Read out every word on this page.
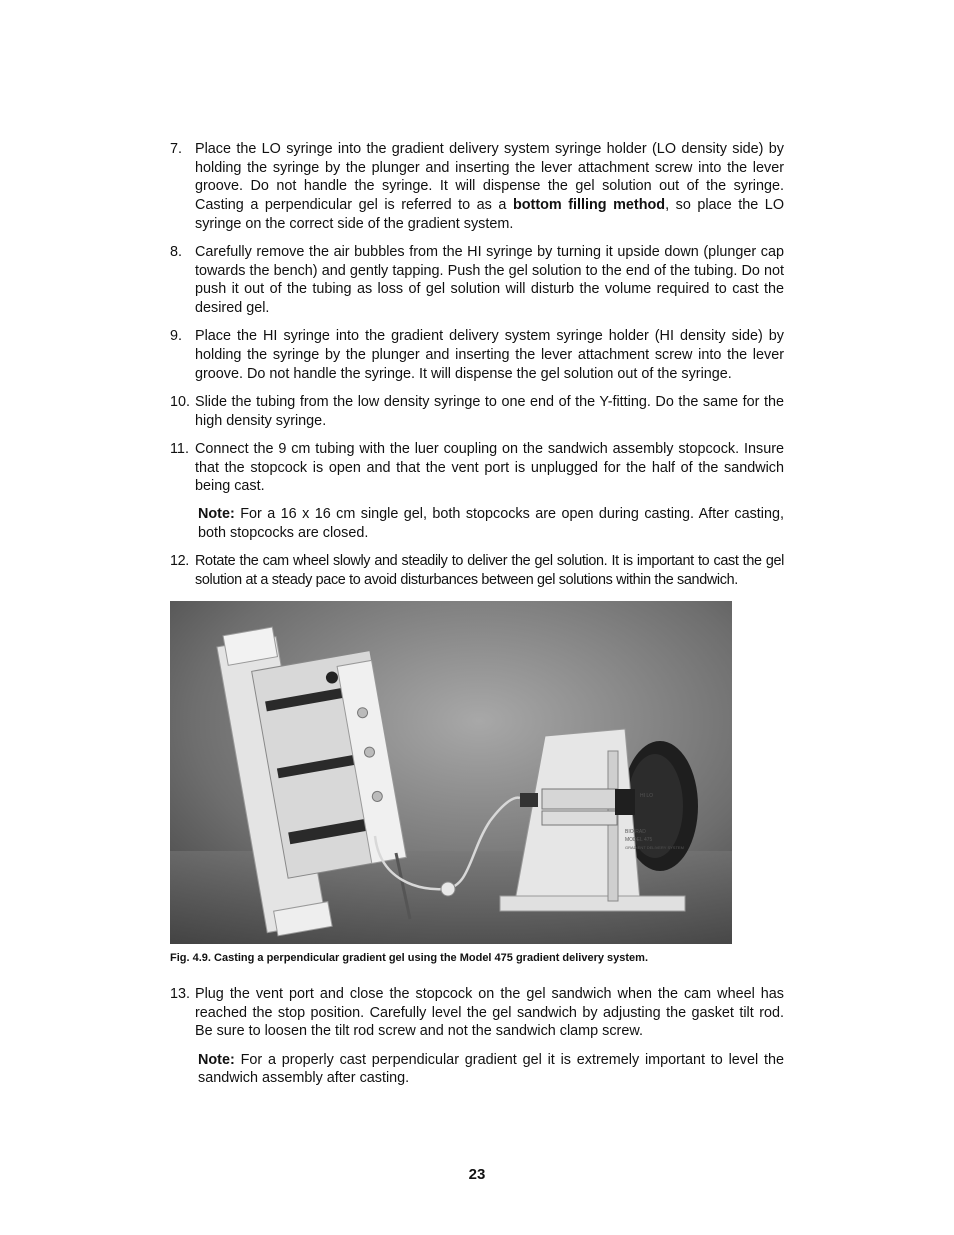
7. Place the LO syringe into the gradient delivery system syringe holder (LO density side) by holding the syringe by the plunger and inserting the lever attachment screw into the lever groove. Do not handle the syringe. It will dispense the gel solution out of the syringe. Casting a perpendicular gel is referred to as a bottom filling method, so place the LO syringe on the correct side of the gradient system.
8. Carefully remove the air bubbles from the HI syringe by turning it upside down (plunger cap towards the bench) and gently tapping. Push the gel solution to the end of the tubing. Do not push it out of the tubing as loss of gel solution will disturb the volume required to cast the desired gel.
9. Place the HI syringe into the gradient delivery system syringe holder (HI density side) by holding the syringe by the plunger and inserting the lever attachment screw into the lever groove. Do not handle the syringe. It will dispense the gel solution out of the syringe.
10. Slide the tubing from the low density syringe to one end of the Y-fitting. Do the same for the high density syringe.
11. Connect the 9 cm tubing with the luer coupling on the sandwich assembly stopcock. Insure that the stopcock is open and that the vent port is unplugged for the half of the sandwich being cast.

Note: For a 16 x 16 cm single gel, both stopcocks are open during casting. After casting, both stopcocks are closed.

12. Rotate the cam wheel slowly and steadily to deliver the gel solution. It is important to cast the gel solution at a steady pace to avoid disturbances between gel solutions within the sandwich.
BIO-RAD
MODEL 475
GRADIENT DELIVERY SYSTEM
HI LO
Fig. 4.9. Casting a perpendicular gradient gel using the Model 475 gradient delivery system.
13. Plug the vent port and close the stopcock on the gel sandwich when the cam wheel has reached the stop position. Carefully level the gel sandwich by adjusting the gasket tilt rod. Be sure to loosen the tilt rod screw and not the sandwich clamp screw.

Note: For a properly cast perpendicular gradient gel it is extremely important to level the sandwich assembly after casting.

23
